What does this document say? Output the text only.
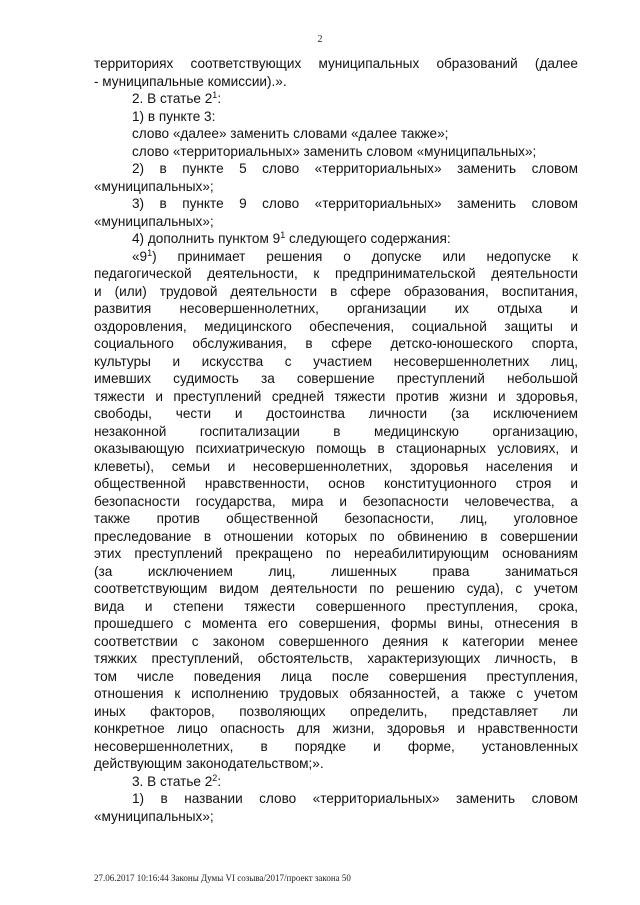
2
территориях соответствующих муниципальных образований (далее
- муниципальные комиссии).».
2. В статье $2^1$:
1) в пункте 3:
слово «далее» заменить словами «далее также»;
слово «территориальных» заменить словом «муниципальных»;
2) в пункте 5 слово «территориальных» заменить словом
«муниципальных»;
3) в пункте 9 слово «территориальных» заменить словом
«муниципальных»;
4) дополнить пунктом $9^1$ следующего содержания:
«$9^1$) принимает решения о допуске или недопуске к
педагогической деятельности, к предпринимательской деятельности
и (или) трудовой деятельности в сфере образования, воспитания,
развития несовершеннолетних, организации их отдыха и
оздоровления, медицинского обеспечения, социальной защиты и
социального обслуживания, в сфере детско-юношеского спорта,
культуры и искусства с участием несовершеннолетних лиц,
имевших судимость за совершение преступлений небольшой
тяжести и преступлений средней тяжести против жизни и здоровья,
свободы, чести и достоинства личности (за исключением
незаконной госпитализации в медицинскую организацию,
оказывающую психиатрическую помощь в стационарных условиях, и
клеветы), семьи и несовершеннолетних, здоровья населения и
общественной нравственности, основ конституционного строя и
безопасности государства, мира и безопасности человечества, а
также против общественной безопасности, лиц, уголовное
преследование в отношении которых по обвинению в совершении
этих преступлений прекращено по нереабилитирующим основаниям
(за исключением лиц, лишенных права заниматься
соответствующим видом деятельности по решению суда), с учетом
вида и степени тяжести совершенного преступления, срока,
прошедшего с момента его совершения, формы вины, отнесения в
соответствии с законом совершенного деяния к категории менее
тяжких преступлений, обстоятельств, характеризующих личность, в
том числе поведения лица после совершения преступления,
отношения к исполнению трудовых обязанностей, а также с учетом
иных факторов, позволяющих определить, представляет ли
конкретное лицо опасность для жизни, здоровья и нравственности
несовершеннолетних, в порядке и форме, установленных
действующим законодательством;».
3. В статье $2^2$:
1) в названии слово «территориальных» заменить словом
«муниципальных»;
27.06.2017 10:16:44 Законы Думы VI созыва/2017/проект закона 50
